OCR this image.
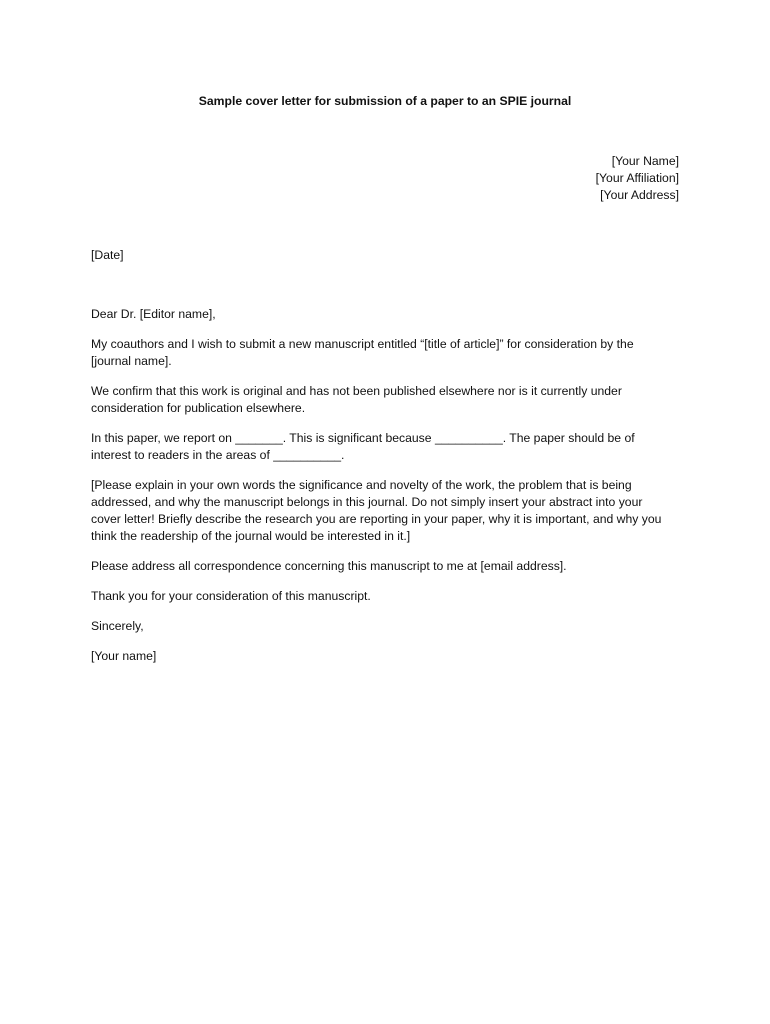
Sample cover letter for submission of a paper to an SPIE journal
[Your Name]
[Your Affiliation]
[Your Address]
[Date]

Dear Dr. [Editor name],

My coauthors and I wish to submit a new manuscript entitled “[title of article]” for consideration by the [journal name].

We confirm that this work is original and has not been published elsewhere nor is it currently under consideration for publication elsewhere.

In this paper, we report on _______. This is significant because __________. The paper should be of interest to readers in the areas of __________.

[Please explain in your own words the significance and novelty of the work, the problem that is being addressed, and why the manuscript belongs in this journal. Do not simply insert your abstract into your cover letter! Briefly describe the research you are reporting in your paper, why it is important, and why you think the readership of the journal would be interested in it.]

Please address all correspondence concerning this manuscript to me at [email address].

Thank you for your consideration of this manuscript.

Sincerely,

[Your name]
